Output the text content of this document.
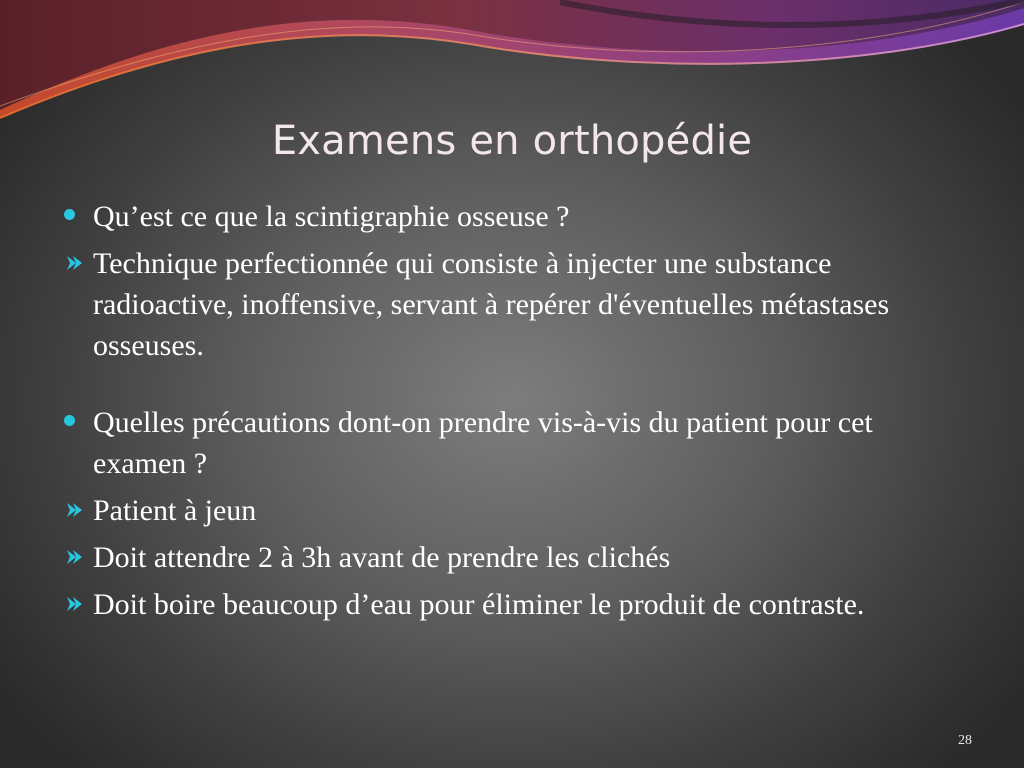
Examens en orthopédie
Qu’est ce que la scintigraphie osseuse ?
Technique perfectionnée qui consiste à injecter une substance radioactive, inoffensive, servant à repérer d'éventuelles métastases osseuses.
Quelles précautions dont-on prendre vis-à-vis du patient pour cet examen ?
Patient à jeun
Doit attendre 2 à 3h avant de prendre les clichés
Doit boire beaucoup d’eau pour éliminer le produit de contraste.
28
